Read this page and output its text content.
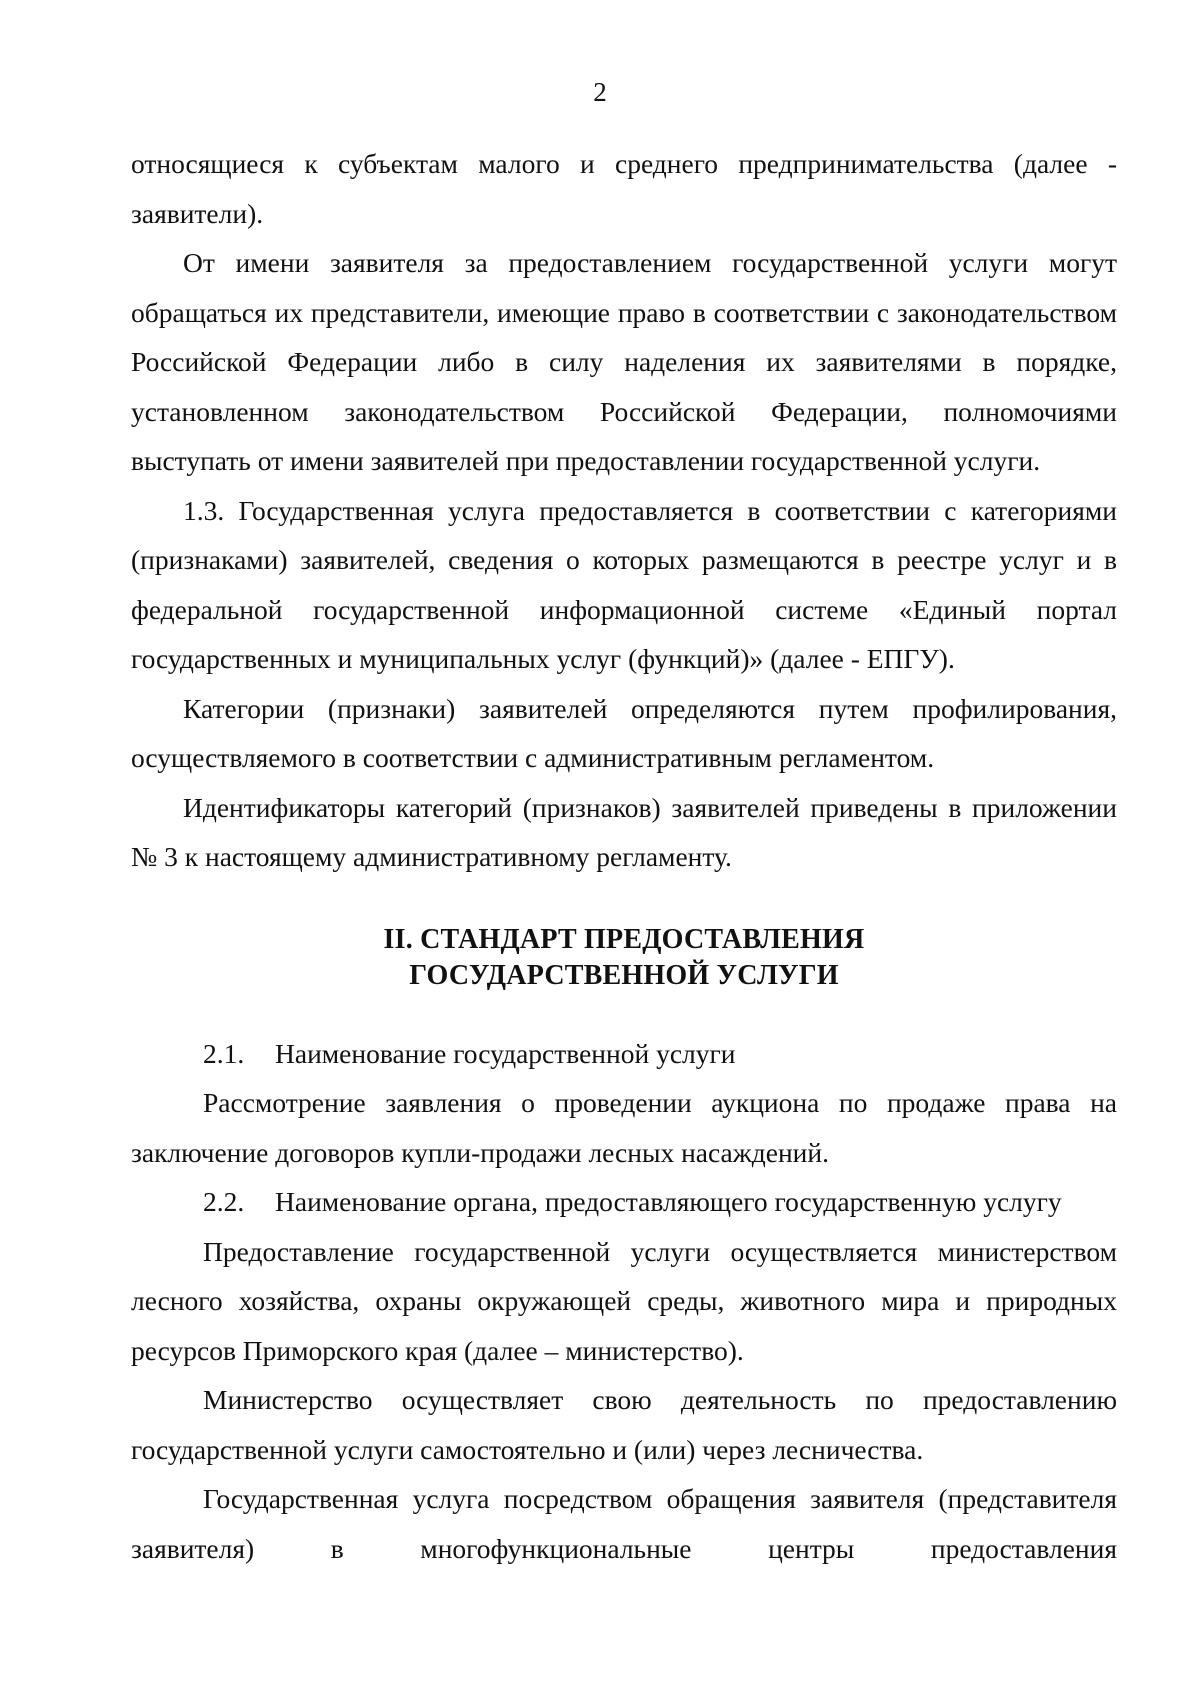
2

относящиеся к субъектам малого и среднего предпринимательства (далее - заявители).

От имени заявителя за предоставлением государственной услуги могут обращаться их представители, имеющие право в соответствии с законодательством Российской Федерации либо в силу наделения их заявителями в порядке, установленном законодательством Российской Федерации, полномочиями выступать от имени заявителей при предоставлении государственной услуги.

1.3. Государственная услуга предоставляется в соответствии с категориями (признаками) заявителей, сведения о которых размещаются в реестре услуг и в федеральной государственной информационной системе «Единый портал государственных и муниципальных услуг (функций)» (далее - ЕПГУ).

Категории (признаки) заявителей определяются путем профилирования, осуществляемого в соответствии с административным регламентом.

Идентификаторы категорий (признаков) заявителей приведены в приложении № 3 к настоящему административному регламенту.

II. СТАНДАРТ ПРЕДОСТАВЛЕНИЯ
ГОСУДАРСТВЕННОЙ УСЛУГИ

2.1. Наименование государственной услуги

Рассмотрение заявления о проведении аукциона по продаже права на заключение договоров купли-продажи лесных насаждений.

2.2. Наименование органа, предоставляющего государственную услугу

Предоставление государственной услуги осуществляется министерством лесного хозяйства, охраны окружающей среды, животного мира и природных ресурсов Приморского края (далее – министерство).

Министерство осуществляет свою деятельность по предоставлению государственной услуги самостоятельно и (или) через лесничества.

Государственная услуга посредством обращения заявителя (представителя заявителя) в многофункциональные центры предоставления
